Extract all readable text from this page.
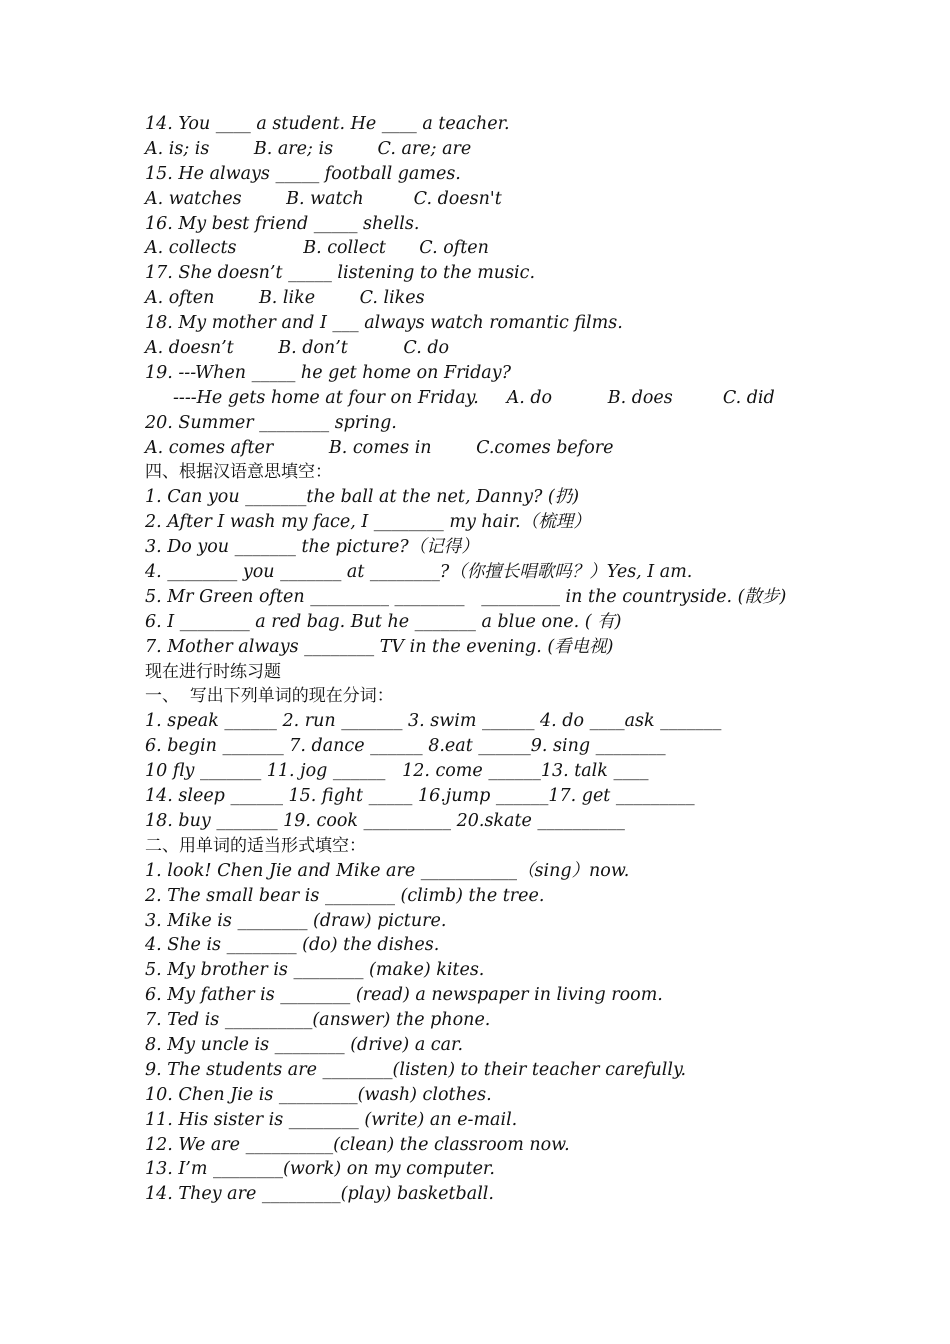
14. You ____ a student. He ____ a teacher.
A. is; is        B. are; is        C. are; are
15. He always _____ football games.
A. watches        B. watch         C. doesn't
16. My best friend _____ shells.
A. collects            B. collect      C. often
17. She doesn’t _____ listening to the music.
A. often        B. like        C. likes
18. My mother and I ___ always watch romantic films.
A. doesn’t        B. don’t          C. do
19. ---When _____ he get home on Friday?
----He gets home at four on Friday.     A. do          B. does         C. did
20. Summer ________ spring.
A. comes after          B. comes in        C.comes before
四、根据汉语意思填空：
1. Can you _______the ball at the net, Danny? (扔)
2. After I wash my face, I ________ my hair.（梳理）
3. Do you _______ the picture?（记得）
4. ________ you _______ at ________?（你擅长唱歌吗？）Yes, I am.
5. Mr Green often _________ ________   _________ in the countryside. (散步)
6. I ________ a red bag. But he _______ a blue one. ( 有)
7. Mother always ________ TV in the evening. (看电视)
现在进行时练习题
一、  写出下列单词的现在分词：
1. speak ______ 2. run _______ 3. swim ______ 4. do ____ask _______
6. begin _______ 7. dance ______ 8.eat ______9. sing ________
10 fly _______ 11. jog ______   12. come ______13. talk ____
14. sleep ______ 15. fight _____ 16.jump ______17. get _________
18. buy _______ 19. cook __________ 20.skate __________
二、用单词的适当形式填空：
1. look! Chen Jie and Mike are ___________（sing）now.
2. The small bear is ________ (climb) the tree.
3. Mike is ________ (draw) picture.
4. She is ________ (do) the dishes.
5. My brother is ________ (make) kites.
6. My father is ________ (read) a newspaper in living room.
7. Ted is __________(answer) the phone.
8. My uncle is ________ (drive) a car.
9. The students are ________(listen) to their teacher carefully.
10. Chen Jie is _________(wash) clothes.
11. His sister is ________ (write) an e-mail.
12. We are __________(clean) the classroom now.
13. I’m ________(work) on my computer.
14. They are _________(play) basketball.
